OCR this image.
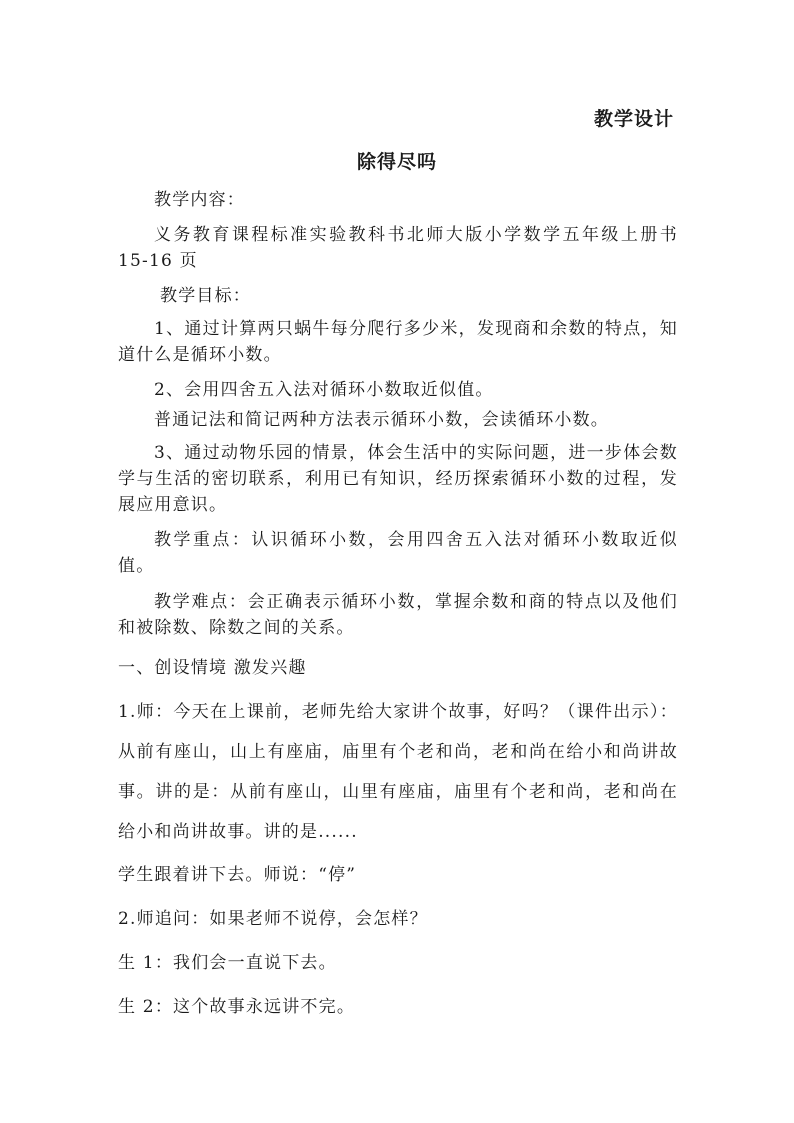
教学设计
除得尽吗
教学内容：
义务教育课程标准实验教科书北师大版小学数学五年级上册书 15-16 页
教学目标：
1、通过计算两只蜗牛每分爬行多少米，发现商和余数的特点，知道什么是循环小数。
2、会用四舍五入法对循环小数取近似值。
普通记法和简记两种方法表示循环小数，会读循环小数。
3、通过动物乐园的情景，体会生活中的实际问题，进一步体会数学与生活的密切联系，利用已有知识，经历探索循环小数的过程，发展应用意识。
教学重点：认识循环小数，会用四舍五入法对循环小数取近似值。
教学难点：会正确表示循环小数，掌握余数和商的特点以及他们和被除数、除数之间的关系。
一、创设情境 激发兴趣
1.师：今天在上课前，老师先给大家讲个故事，好吗？（课件出示）：从前有座山，山上有座庙，庙里有个老和尚，老和尚在给小和尚讲故事。讲的是：从前有座山，山里有座庙，庙里有个老和尚，老和尚在给小和尚讲故事。讲的是......
学生跟着讲下去。师说：“停”
2.师追问：如果老师不说停，会怎样？
生 1：我们会一直说下去。
生 2：这个故事永远讲不完。
